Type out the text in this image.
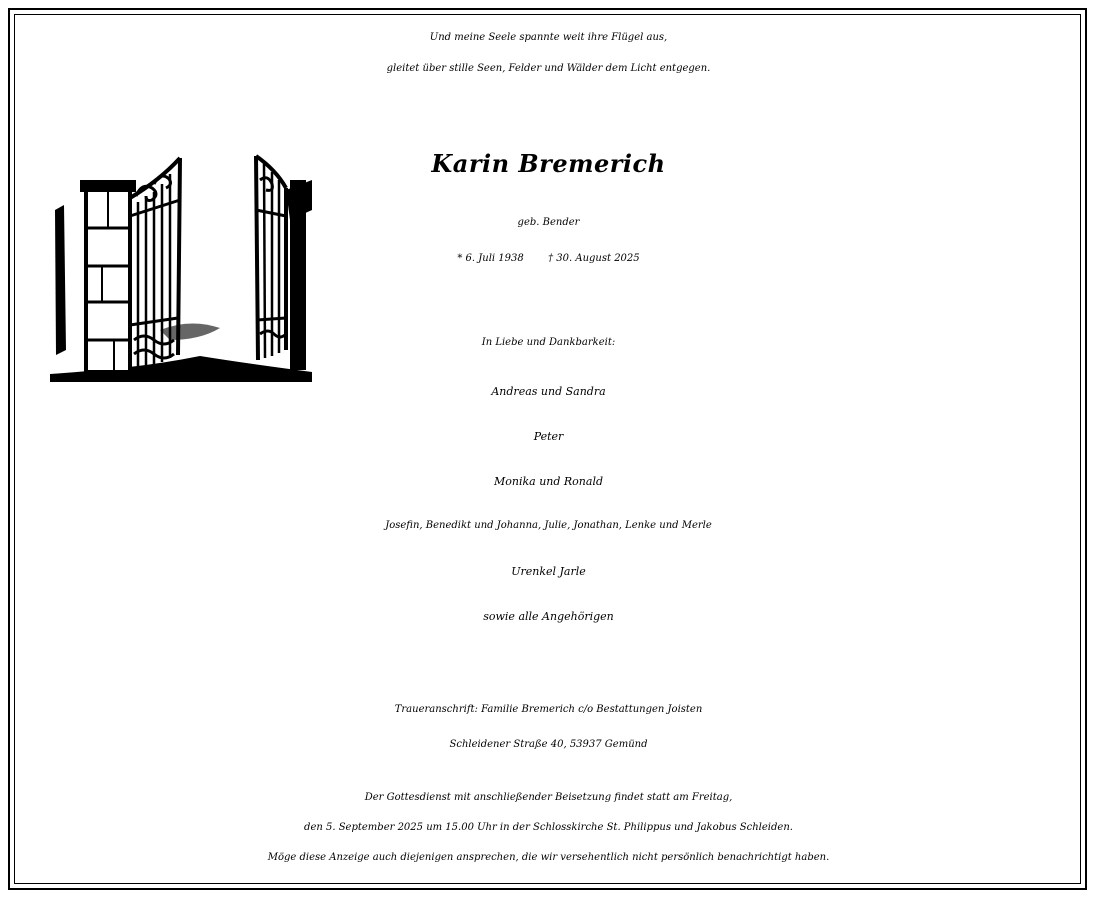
Und meine Seele spannte weit ihre Flügel aus,
gleitet über stille Seen, Felder und Wälder dem Licht entgegen.
Karin Bremerich
geb. Bender
* 6. Juli 1938 † 30. August 2025
In Liebe und Dankbarkeit:
Andreas und Sandra
Peter
Monika und Ronald
Josefin, Benedikt und Johanna, Julie, Jonathan, Lenke und Merle
Urenkel Jarle
sowie alle Angehörigen
Traueranschrift: Familie Bremerich c/o Bestattungen Joisten
Schleidener Straße 40, 53937 Gemünd
Der Gottesdienst mit anschließender Beisetzung findet statt am Freitag,
den 5. September 2025 um 15.00 Uhr in der Schlosskirche St. Philippus und Jakobus Schleiden.
Möge diese Anzeige auch diejenigen ansprechen, die wir versehentlich nicht persönlich benachrichtigt haben.
